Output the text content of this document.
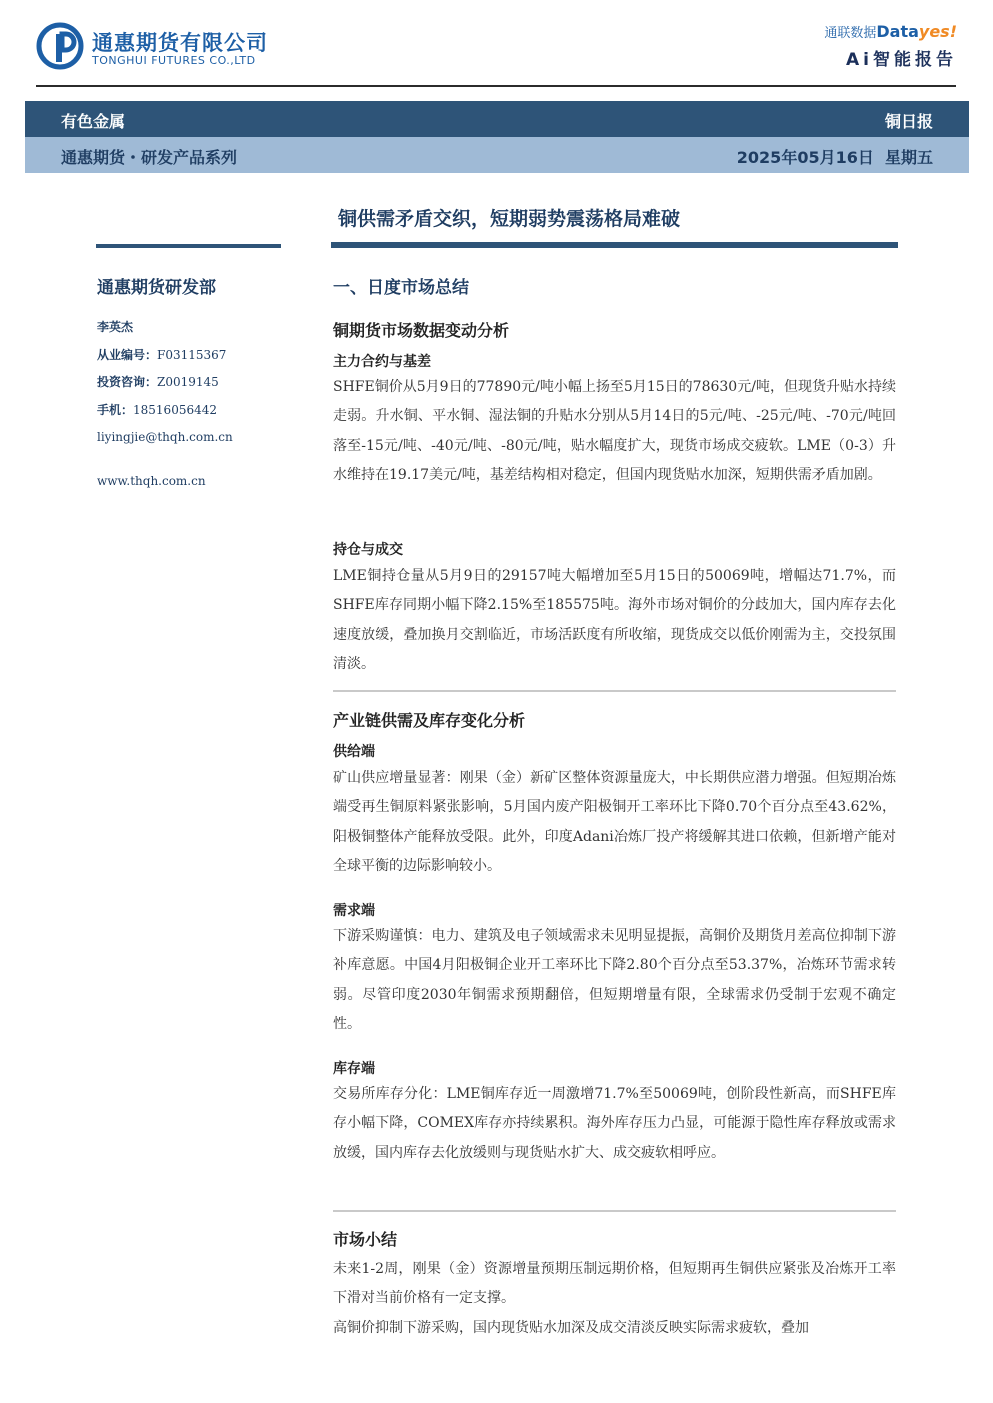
通惠期货有限公司
TONGHUI FUTURES CO.,LTD
通联数据Datayes!
Ai智能报告
有色金属	铜日报
通惠期货・研发产品系列	2025年05月16日  星期五
通惠期货研发部
李英杰
从业编号：F03115367
投资咨询：Z0019145
手机：18516056442
liyingjie@thqh.com.cn
www.thqh.com.cn
铜供需矛盾交织，短期弱势震荡格局难破
一、日度市场总结
铜期货市场数据变动分析
主力合约与基差
SHFE铜价从5月9日的77890元/吨小幅上扬至5月15日的78630元/吨，但现货升贴水持续走弱。升水铜、平水铜、湿法铜的升贴水分别从5月14日的5元/吨、-25元/吨、-70元/吨回落至-15元/吨、-40元/吨、-80元/吨，贴水幅度扩大，现货市场成交疲软。LME（0-3）升水维持在19.17美元/吨，基差结构相对稳定，但国内现货贴水加深，短期供需矛盾加剧。
持仓与成交
LME铜持仓量从5月9日的29157吨大幅增加至5月15日的50069吨，增幅达71.7%，而SHFE库存同期小幅下降2.15%至185575吨。海外市场对铜价的分歧加大，国内库存去化速度放缓，叠加换月交割临近，市场活跃度有所收缩，现货成交以低价刚需为主，交投氛围清淡。
产业链供需及库存变化分析
供给端
矿山供应增量显著：刚果（金）新矿区整体资源量庞大，中长期供应潜力增强。但短期冶炼端受再生铜原料紧张影响，5月国内废产阳极铜开工率环比下降0.70个百分点至43.62%，阳极铜整体产能释放受限。此外，印度Adani冶炼厂投产将缓解其进口依赖，但新增产能对全球平衡的边际影响较小。
需求端
下游采购谨慎：电力、建筑及电子领域需求未见明显提振，高铜价及期货月差高位抑制下游补库意愿。中国4月阳极铜企业开工率环比下降2.80个百分点至53.37%，冶炼环节需求转弱。尽管印度2030年铜需求预期翻倍，但短期增量有限，全球需求仍受制于宏观不确定性。
库存端
交易所库存分化：LME铜库存近一周激增71.7%至50069吨，创阶段性新高，而SHFE库存小幅下降，COMEX库存亦持续累积。海外库存压力凸显，可能源于隐性库存释放或需求放缓，国内库存去化放缓则与现货贴水扩大、成交疲软相呼应。
市场小结
未来1-2周，刚果（金）资源增量预期压制远期价格，但短期再生铜供应紧张及冶炼开工率下滑对当前价格有一定支撑。
高铜价抑制下游采购，国内现货贴水加深及成交清淡反映实际需求疲软，叠加
